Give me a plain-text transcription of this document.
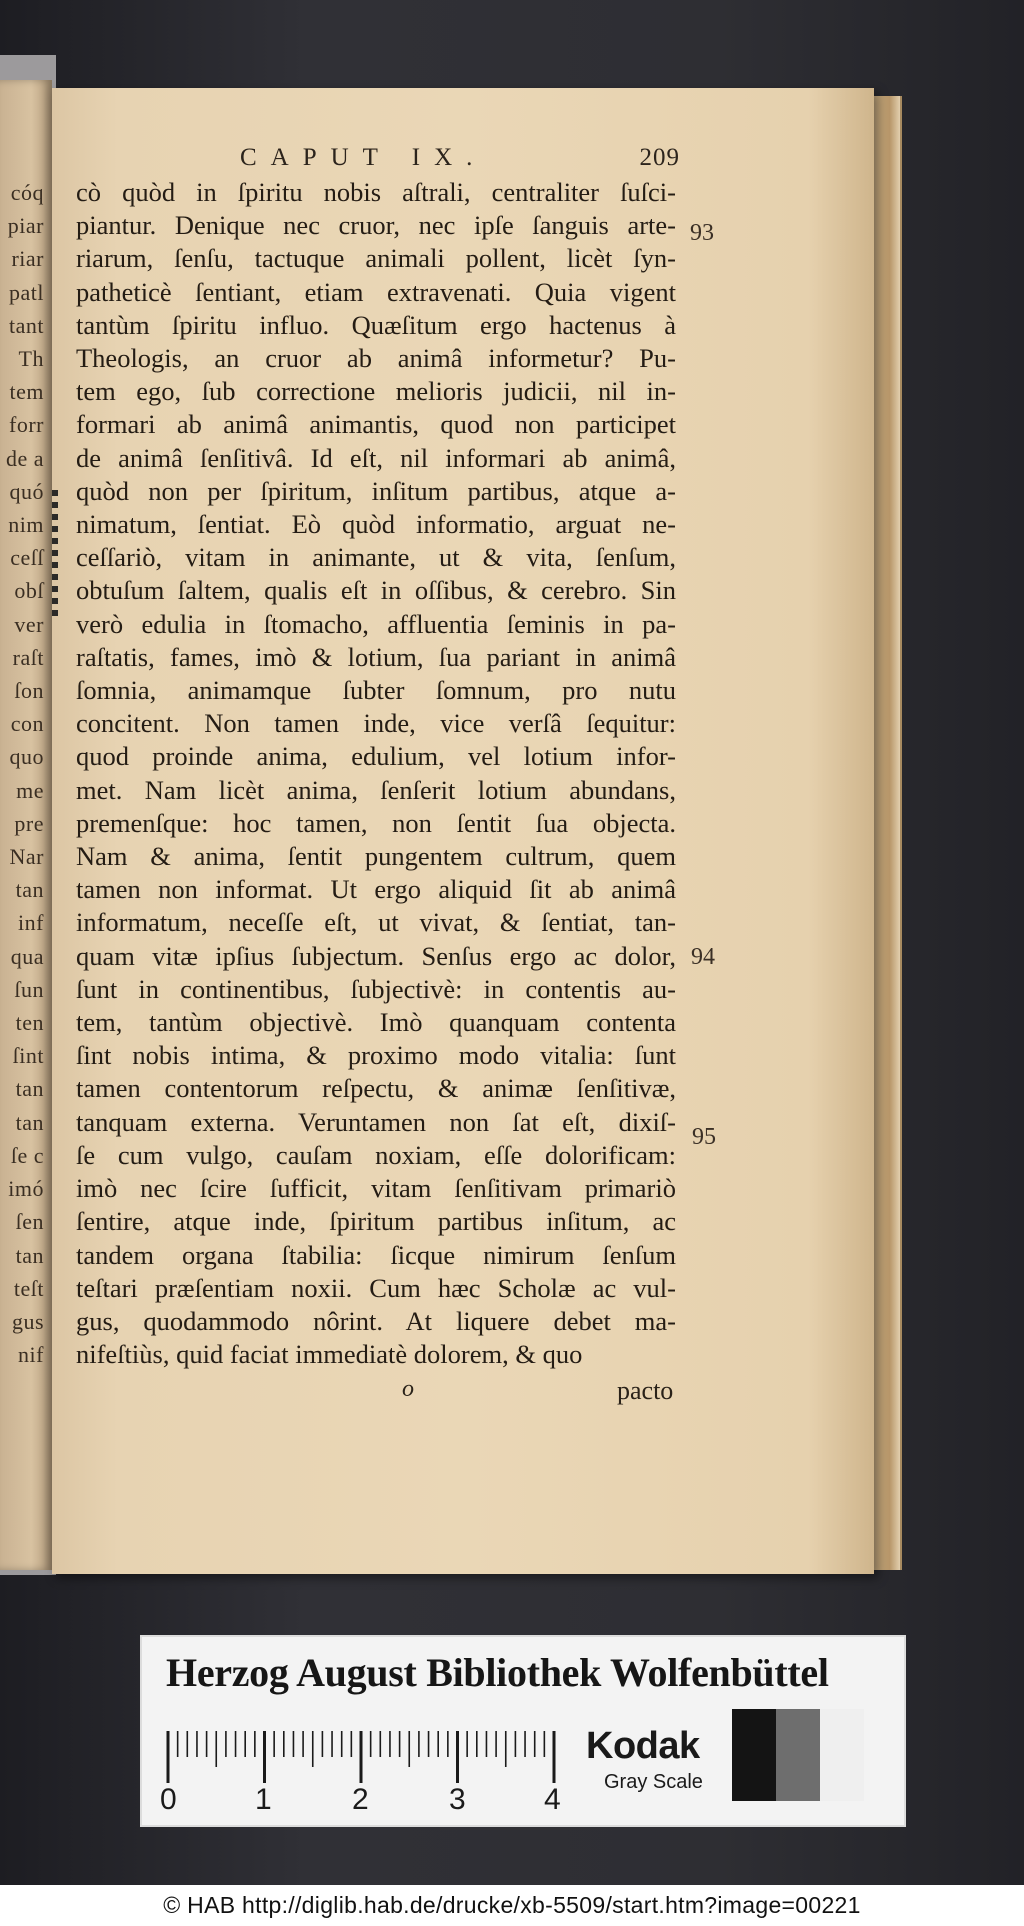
cóq
piar
riar
patl
tant
Th
tem
forr
de a
quó
nim
ceſſ
obſ
ver
raſt
ſon
con
quo
me
pre
Nar
tan
inf
qua
ſun
ten
ſint
tan
tan
ſe c
imó
ſen
tan
teſt
gus
nif
CAPUT IX.	209
cò quòd in ſpiritu nobis aſtrali, centraliter ſuſci-
piantur. Denique nec cruor, nec ipſe ſanguis arte-
riarum, ſenſu, tactuque animali pollent, licèt ſyn-
patheticè ſentiant, etiam extravenati. Quia vigent
tantùm ſpiritu influo. Quæſitum ergo hactenus à
Theologis, an cruor ab animâ informetur? Pu-
tem ego, ſub correctione melioris judicii, nil in-
formari ab animâ animantis, quod non participet
de animâ ſenſitivâ. Id eſt, nil informari ab animâ,
quòd non per ſpiritum, inſitum partibus, atque a-
nimatum, ſentiat. Eò quòd informatio, arguat ne-
ceſſariò, vitam in animante, ut & vita, ſenſum,
obtuſum ſaltem, qualis eſt in oſſibus, & cerebro. Sin
verò edulia in ſtomacho, affluentia ſeminis in pa-
raſtatis, fames, imò & lotium, ſua pariant in animâ
ſomnia, animamque ſubter ſomnum, pro nutu
concitent. Non tamen inde, vice verſâ ſequitur:
quod proinde anima, edulium, vel lotium infor-
met. Nam licèt anima, ſenſerit lotium abundans,
premenſque: hoc tamen, non ſentit ſua objecta.
Nam & anima, ſentit pungentem cultrum, quem
tamen non informat. Ut ergo aliquid ſit ab animâ
informatum, neceſſe eſt, ut vivat, & ſentiat, tan-
quam vitæ ipſius ſubjectum. Senſus ergo ac dolor,
ſunt in continentibus, ſubjectivè: in contentis au-
tem, tantùm objectivè. Imò quanquam contenta
ſint nobis intima, & proximo modo vitalia: ſunt
tamen contentorum reſpectu, & animæ ſenſitivæ,
tanquam externa. Veruntamen non ſat eſt, dixiſ-
ſe cum vulgo, cauſam noxiam, eſſe dolorificam:
imò nec ſcire ſufficit, vitam ſenſitivam primariò
ſentire, atque inde, ſpiritum partibus inſitum, ac
tandem organa ſtabilia: ſicque nimirum ſenſum
teſtari præſentiam noxii. Cum hæc Scholæ ac vul-
gus, quodammodo nôrint. At liquere debet ma-
nifeſtiùs, quid faciat immediatè dolorem, & quo
93
94
95
o	pacto
Herzog August Bibliothek Wolfenbüttel
0	1	2	3	4
Kodak
Gray Scale
© HAB http://diglib.hab.de/drucke/xb-5509/start.htm?image=00221
